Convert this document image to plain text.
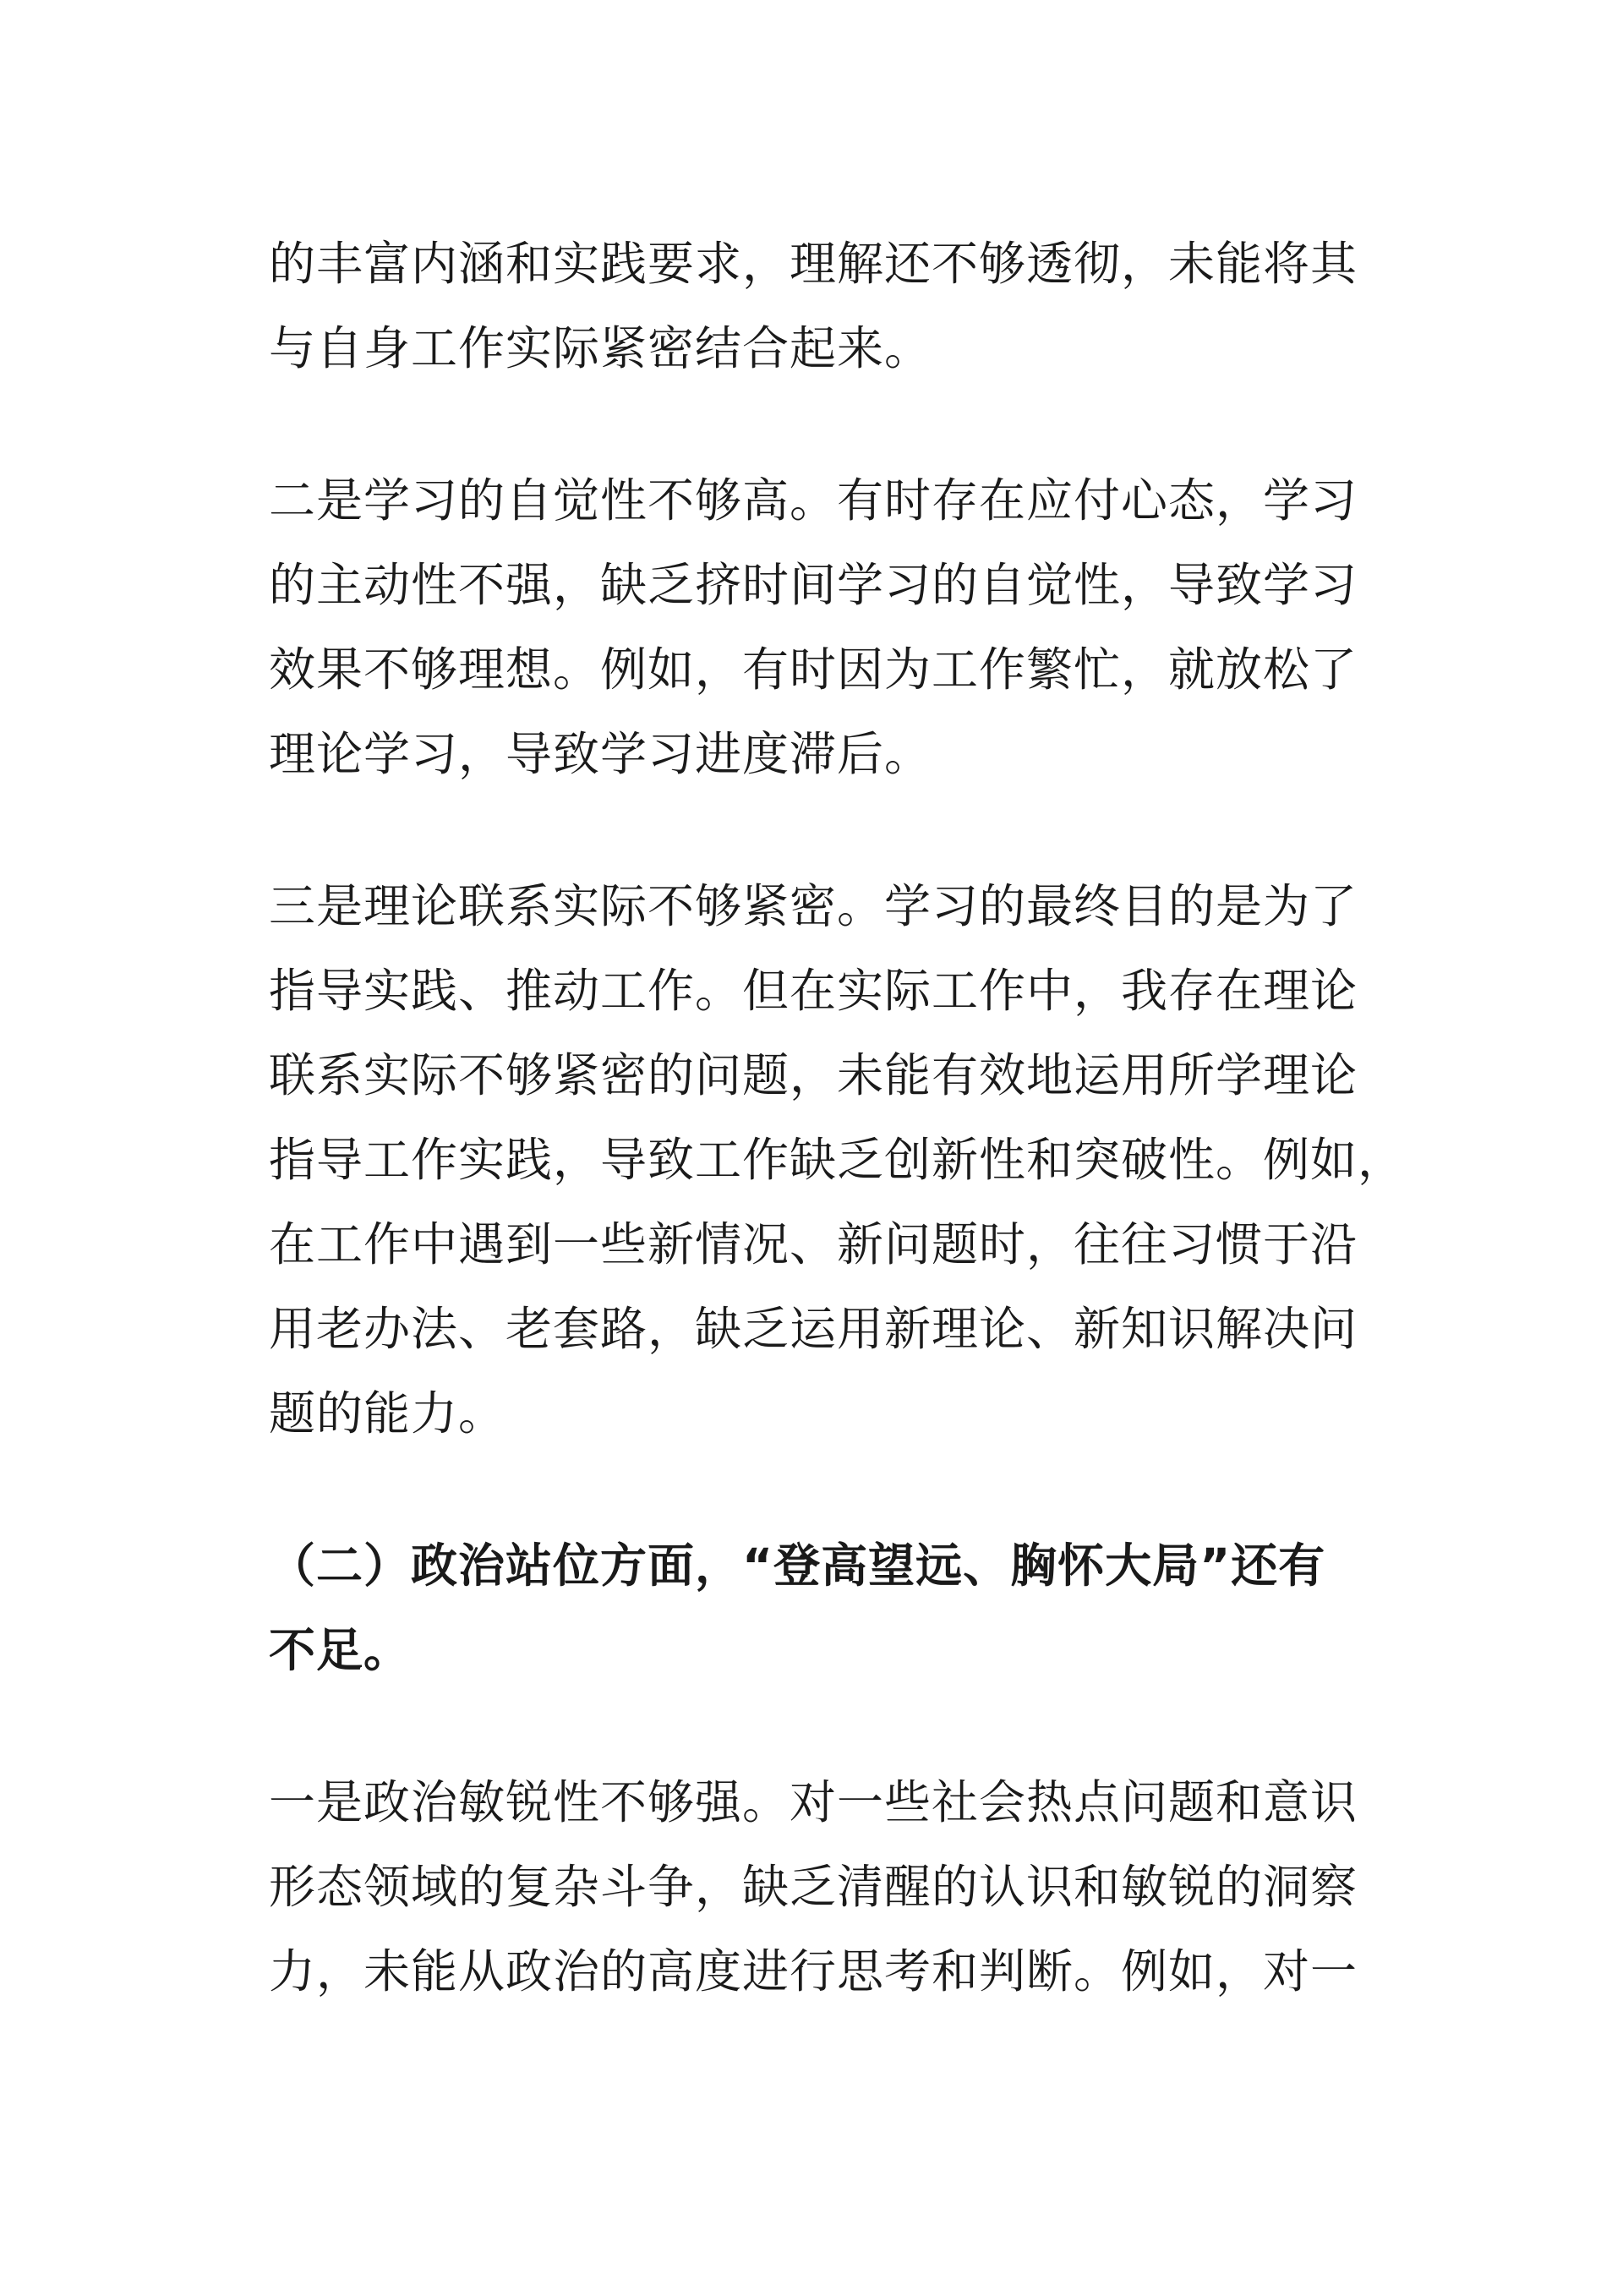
的丰富内涵和实践要求，理解还不够透彻，未能将其
与自身工作实际紧密结合起来。
二是学习的自觉性不够高。有时存在应付心态，学习
的主动性不强，缺乏挤时间学习的自觉性，导致学习
效果不够理想。例如，有时因为工作繁忙，就放松了
理论学习，导致学习进度滞后。
三是理论联系实际不够紧密。学习的最终目的是为了
指导实践、推动工作。但在实际工作中，我存在理论
联系实际不够紧密的问题，未能有效地运用所学理论
指导工作实践，导致工作缺乏创新性和突破性。例如，
在工作中遇到一些新情况、新问题时，往往习惯于沿
用老办法、老套路，缺乏运用新理论、新知识解决问
题的能力。
（二）政治站位方面，“登高望远、胸怀大局”还有
不足。
一是政治敏锐性不够强。对一些社会热点问题和意识
形态领域的复杂斗争，缺乏清醒的认识和敏锐的洞察
力，未能从政治的高度进行思考和判断。例如，对一
